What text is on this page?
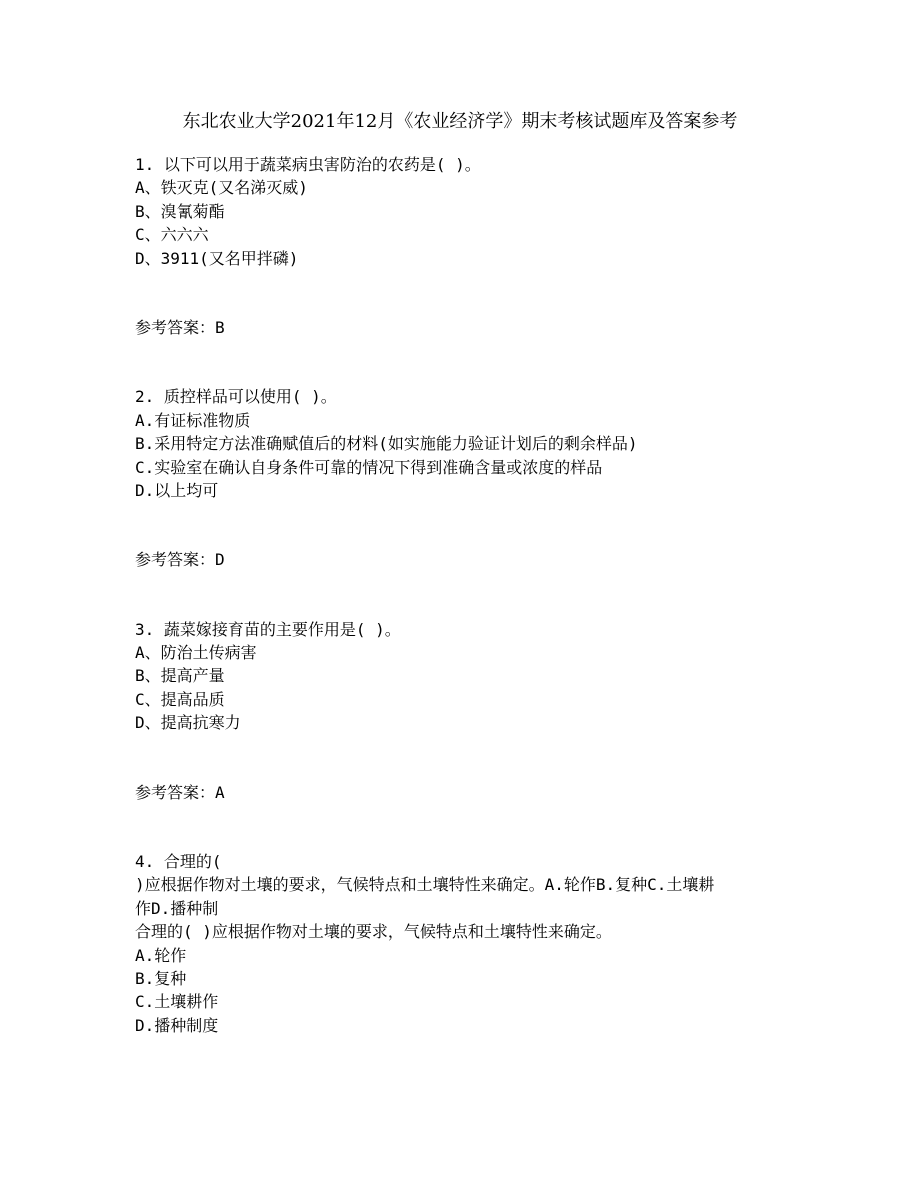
东北农业大学2021年12月《农业经济学》期末考核试题库及答案参考
1. 以下可以用于蔬菜病虫害防治的农药是( )。
A、铁灭克(又名涕灭威)
B、溴氰菊酯
C、六六六
D、3911(又名甲拌磷)
参考答案：B
2. 质控样品可以使用( )。
A.有证标准物质
B.采用特定方法准确赋值后的材料(如实施能力验证计划后的剩余样品)
C.实验室在确认自身条件可靠的情况下得到准确含量或浓度的样品
D.以上均可
参考答案：D
3. 蔬菜嫁接育苗的主要作用是( )。
A、防治土传病害
B、提高产量
C、提高品质
D、提高抗寒力
参考答案：A
4. 合理的(
)应根据作物对土壤的要求，气候特点和土壤特性来确定。A.轮作B.复种C.土壤耕
作D.播种制
合理的( )应根据作物对土壤的要求，气候特点和土壤特性来确定。
A.轮作
B.复种
C.土壤耕作
D.播种制度
